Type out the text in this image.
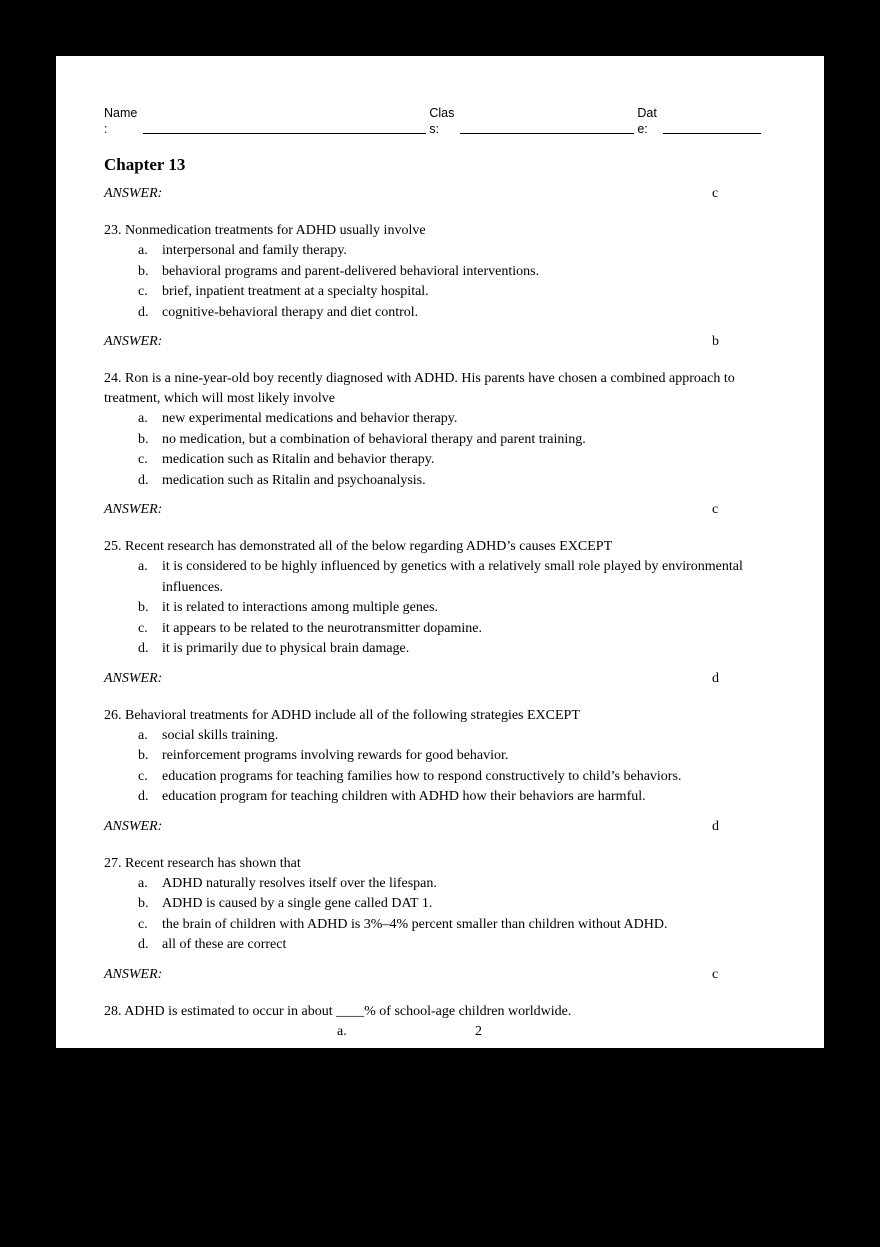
Name
:
Clas
s:
Dat
e:
Chapter 13
ANSWER:	c
23. Nonmedication treatments for ADHD usually involve
a.	interpersonal and family therapy.
b. behavioral programs and parent-delivered behavioral interventions.
c.	brief, inpatient treatment at a specialty hospital.
d. cognitive-behavioral therapy and diet control.
ANSWER:	b
24. Ron is a nine-year-old boy recently diagnosed with ADHD. His parents have chosen a combined approach to treatment, which will most likely involve
a.	new experimental medications and behavior therapy.
b. no medication, but a combination of behavioral therapy and parent training.
c.	medication such as Ritalin and behavior therapy.
d. medication such as Ritalin and psychoanalysis.
ANSWER:	c
25. Recent research has demonstrated all of the below regarding ADHD’s causes EXCEPT
a.	it is considered to be highly influenced by genetics with a relatively small role played by environmental influences.
b. it is related to interactions among multiple genes.
c.	it appears to be related to the neurotransmitter dopamine.
d. it is primarily due to physical brain damage.
ANSWER:	d
26. Behavioral treatments for ADHD include all of the following strategies EXCEPT
a.	social skills training.
b. reinforcement programs involving rewards for good behavior.
c.	education programs for teaching families how to respond constructively to child’s behaviors.
d. education program for teaching children with ADHD how their behaviors are harmful.
ANSWER:	d
27. Recent research has shown that
a.	ADHD naturally resolves itself over the lifespan.
b. ADHD is caused by a single gene called DAT 1.
c.	the brain of children with ADHD is 3%–4% percent smaller than children without ADHD.
d. all of these are correct
ANSWER:	c
28. ADHD is estimated to occur in about ____% of school-age children worldwide.
a.	2
